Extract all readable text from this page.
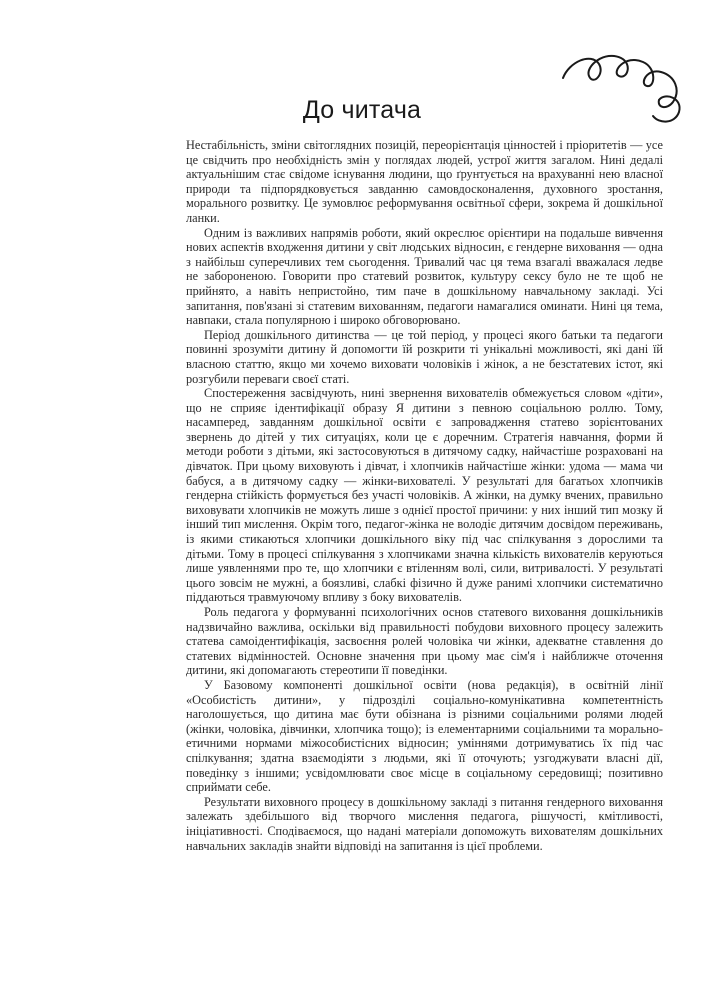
До читача

Нестабільність, зміни світоглядних позицій, переорієнтація цінностей і пріоритетів — усе це свідчить про необхідність змін у поглядах людей, устрої життя загалом. Нині дедалі актуальнішим стає свідоме існування людини, що ґрунтується на врахуванні нею власної природи та підпорядковується завданню самовдосконалення, духовного зростання, морального розвитку. Це зумовлює реформування освітньої сфери, зокрема й дошкільної ланки.

Одним із важливих напрямів роботи, який окреслює орієнтири на подальше вивчення нових аспектів входження дитини у світ людських відносин, є гендерне виховання — одна з найбільш суперечливих тем сьогодення. Тривалий час ця тема взагалі вважалася ледве не забороненою. Говорити про статевий розвиток, культуру сексу було не те щоб не прийнято, а навіть непристойно, тим паче в дошкільному навчальному закладі. Усі запитання, пов'язані зі статевим вихованням, педагоги намагалися оминати. Нині ця тема, навпаки, стала популярною і широко обговорювано.

Період дошкільного дитинства — це той період, у процесі якого батьки та педагоги повинні зрозуміти дитину й допомогти їй розкрити ті унікальні можливості, які дані їй власною статтю, якщо ми хочемо виховати чоловіків і жінок, а не безстатевих істот, які розгубили переваги своєї статі.

Спостереження засвідчують, нині звернення вихователів обмежується словом «діти», що не сприяє ідентифікації образу Я дитини з певною соціальною роллю. Тому, насамперед, завданням дошкільної освіти є запровадження статево зорієнтованих звернень до дітей у тих ситуаціях, коли це є доречним. Стратегія навчання, форми й методи роботи з дітьми, які застосовуються в дитячому садку, найчастіше розраховані на дівчаток. При цьому виховують і дівчат, і хлопчиків найчастіше жінки: удома — мама чи бабуся, а в дитячому садку — жінки-вихователі. У результаті для багатьох хлопчиків гендерна стійкість формується без участі чоловіків. А жінки, на думку вчених, правильно виховувати хлопчиків не можуть лише з однієї простої причини: у них інший тип мозку й інший тип мислення. Окрім того, педагог-жінка не володіє дитячим досвідом переживань, із якими стикаються хлопчики дошкільного віку під час спілкування з дорослими та дітьми. Тому в процесі спілкування з хлопчиками значна кількість вихователів керуються лише уявленнями про те, що хлопчики є втіленням волі, сили, витривалості. У результаті цього зовсім не мужні, а боязливі, слабкі фізично й дуже ранимі хлопчики систематично піддаються травмуючому впливу з боку вихователів.

Роль педагога у формуванні психологічних основ статевого виховання дошкільників надзвичайно важлива, оскільки від правильності побудови виховного процесу залежить статева самоідентифікація, засвоєння ролей чоловіка чи жінки, адекватне ставлення до статевих відмінностей. Основне значення при цьому має сім'я і найближче оточення дитини, які допомагають стереотипи її поведінки.

У Базовому компоненті дошкільної освіти (нова редакція), в освітній лінії «Особистість дитини», у підрозділі соціально-комунікативна компетентність наголошується, що дитина має бути обізнана із різними соціальними ролями людей (жінки, чоловіка, дівчинки, хлопчика тощо); із елементарними соціальними та морально-етичними нормами міжособистісних відносин; уміннями дотримуватись їх під час спілкування; здатна взаємодіяти з людьми, які її оточують; узгоджувати власні дії, поведінку з іншими; усвідомлювати своє місце в соціальному середовищі; позитивно сприймати себе.

Результати виховного процесу в дошкільному закладі з питання гендерного виховання залежать здебільшого від творчого мислення педагога, рішучості, кмітливості, ініціативності. Сподіваємося, що надані матеріали допоможуть вихователям дошкільних навчальних закладів знайти відповіді на запитання із цієї проблеми.
